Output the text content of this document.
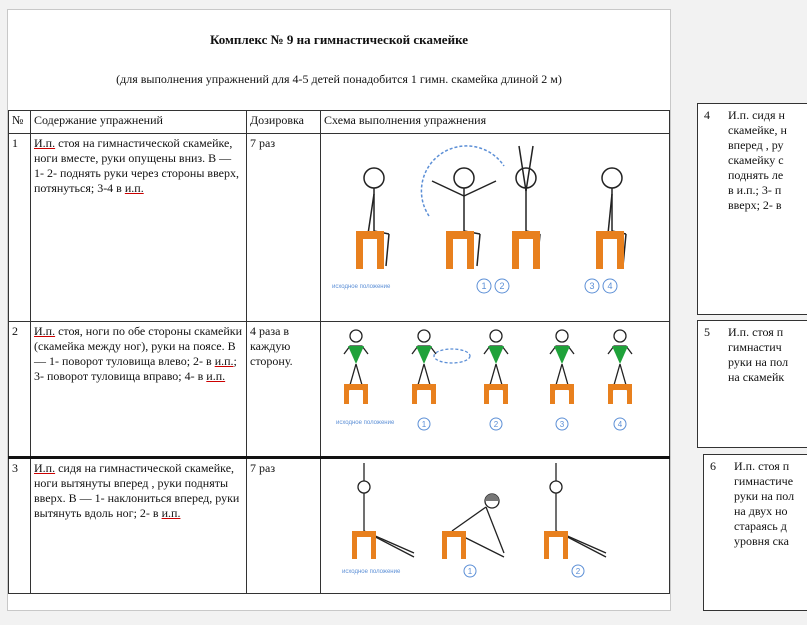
Комплекс № 9 на гимнастической скамейке
(для выполнения упражнений для 4-5 детей понадобится 1 гимн. скамейка длиной 2 м)
№	Содержание упражнений	Дозировка	Схема выполнения упражнения
1	И.п. стоя на гимнастической скамейке, ноги вместе, руки опущены вниз. В — 1- 2- поднять руки через стороны вверх, потянуться; 3-4 в и.п.	7 раз	исходное положение 1 2 3 4

2	И.п. стоя, ноги по обе стороны скамейки (скамейка между ног), руки на поясе. В — 1- поворот туловища влево; 2- в и.п.; 3- поворот туловища вправо; 4- в и.п.	4 раза в каждую сторону.	исходное положение 1 2 3 4

3	И.п. сидя на гимнастической скамейке, ноги вытянуты вперед , руки подняты вверх. В — 1- наклониться вперед, руки вытянуть вдоль ног; 2- в и.п.	7 раз	исходное положение 1 2
4 И.п. сидя н
скамейке, н
вперед , ру
скамейку с
поднять ле
в и.п.; 3- п
вверх; 2- в
5 И.п. стоя п
гимнастич
руки на пол
на скамейк
6 И.п. стоя п
гимнастиче
руки на пол
на двух но
стараясь д
уровня ска
